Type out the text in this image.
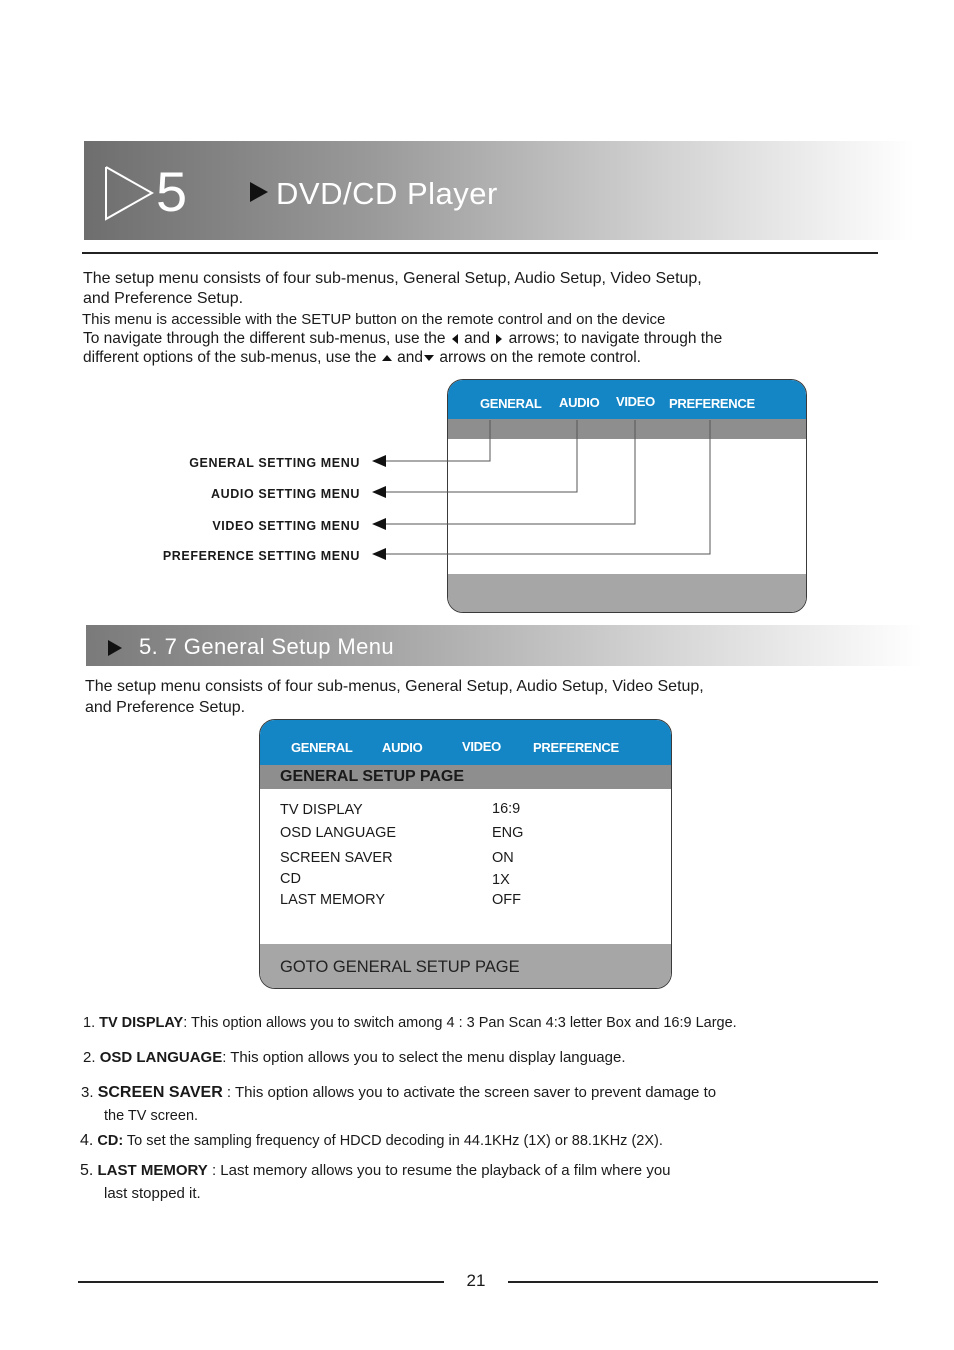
5	DVD/CD Player
The setup menu consists of four sub-menus, General Setup, Audio Setup, Video Setup,
and Preference Setup.
This menu is accessible with the SETUP button on the remote control and on the device
To navigate through the different sub-menus, use the and arrows; to navigate through the
different options of the sub-menus, use the and arrows on the remote control.
GENERAL AUDIO VIDEO PREFERENCE
GENERAL SETTING MENU
AUDIO SETTING MENU
VIDEO SETTING MENU
PREFERENCE SETTING MENU
5. 7 General Setup Menu
The setup menu consists of four sub-menus, General Setup, Audio Setup, Video Setup,
and Preference Setup.
GENERAL AUDIO	VIDEO PREFERENCE
GENERAL SETUP PAGE
TV DISPLAY	16:9
OSD LANGUAGE	ENG
SCREEN SAVER	ON
CD	1X
LAST MEMORY	OFF
GOTO GENERAL SETUP PAGE
1. TV DISPLAY: This option allows you to switch among 4 : 3 Pan Scan 4:3 letter Box and 16:9 Large.
2. OSD LANGUAGE: This option allows you to select the menu display language.
3. SCREEN SAVER : This option allows you to activate the screen saver to prevent damage to
the TV screen.
4. CD: To set the sampling frequency of HDCD decoding in 44.1KHz (1X) or 88.1KHz (2X).
5. LAST MEMORY : Last memory allows you to resume the playback of a film where you
last stopped it.
21
